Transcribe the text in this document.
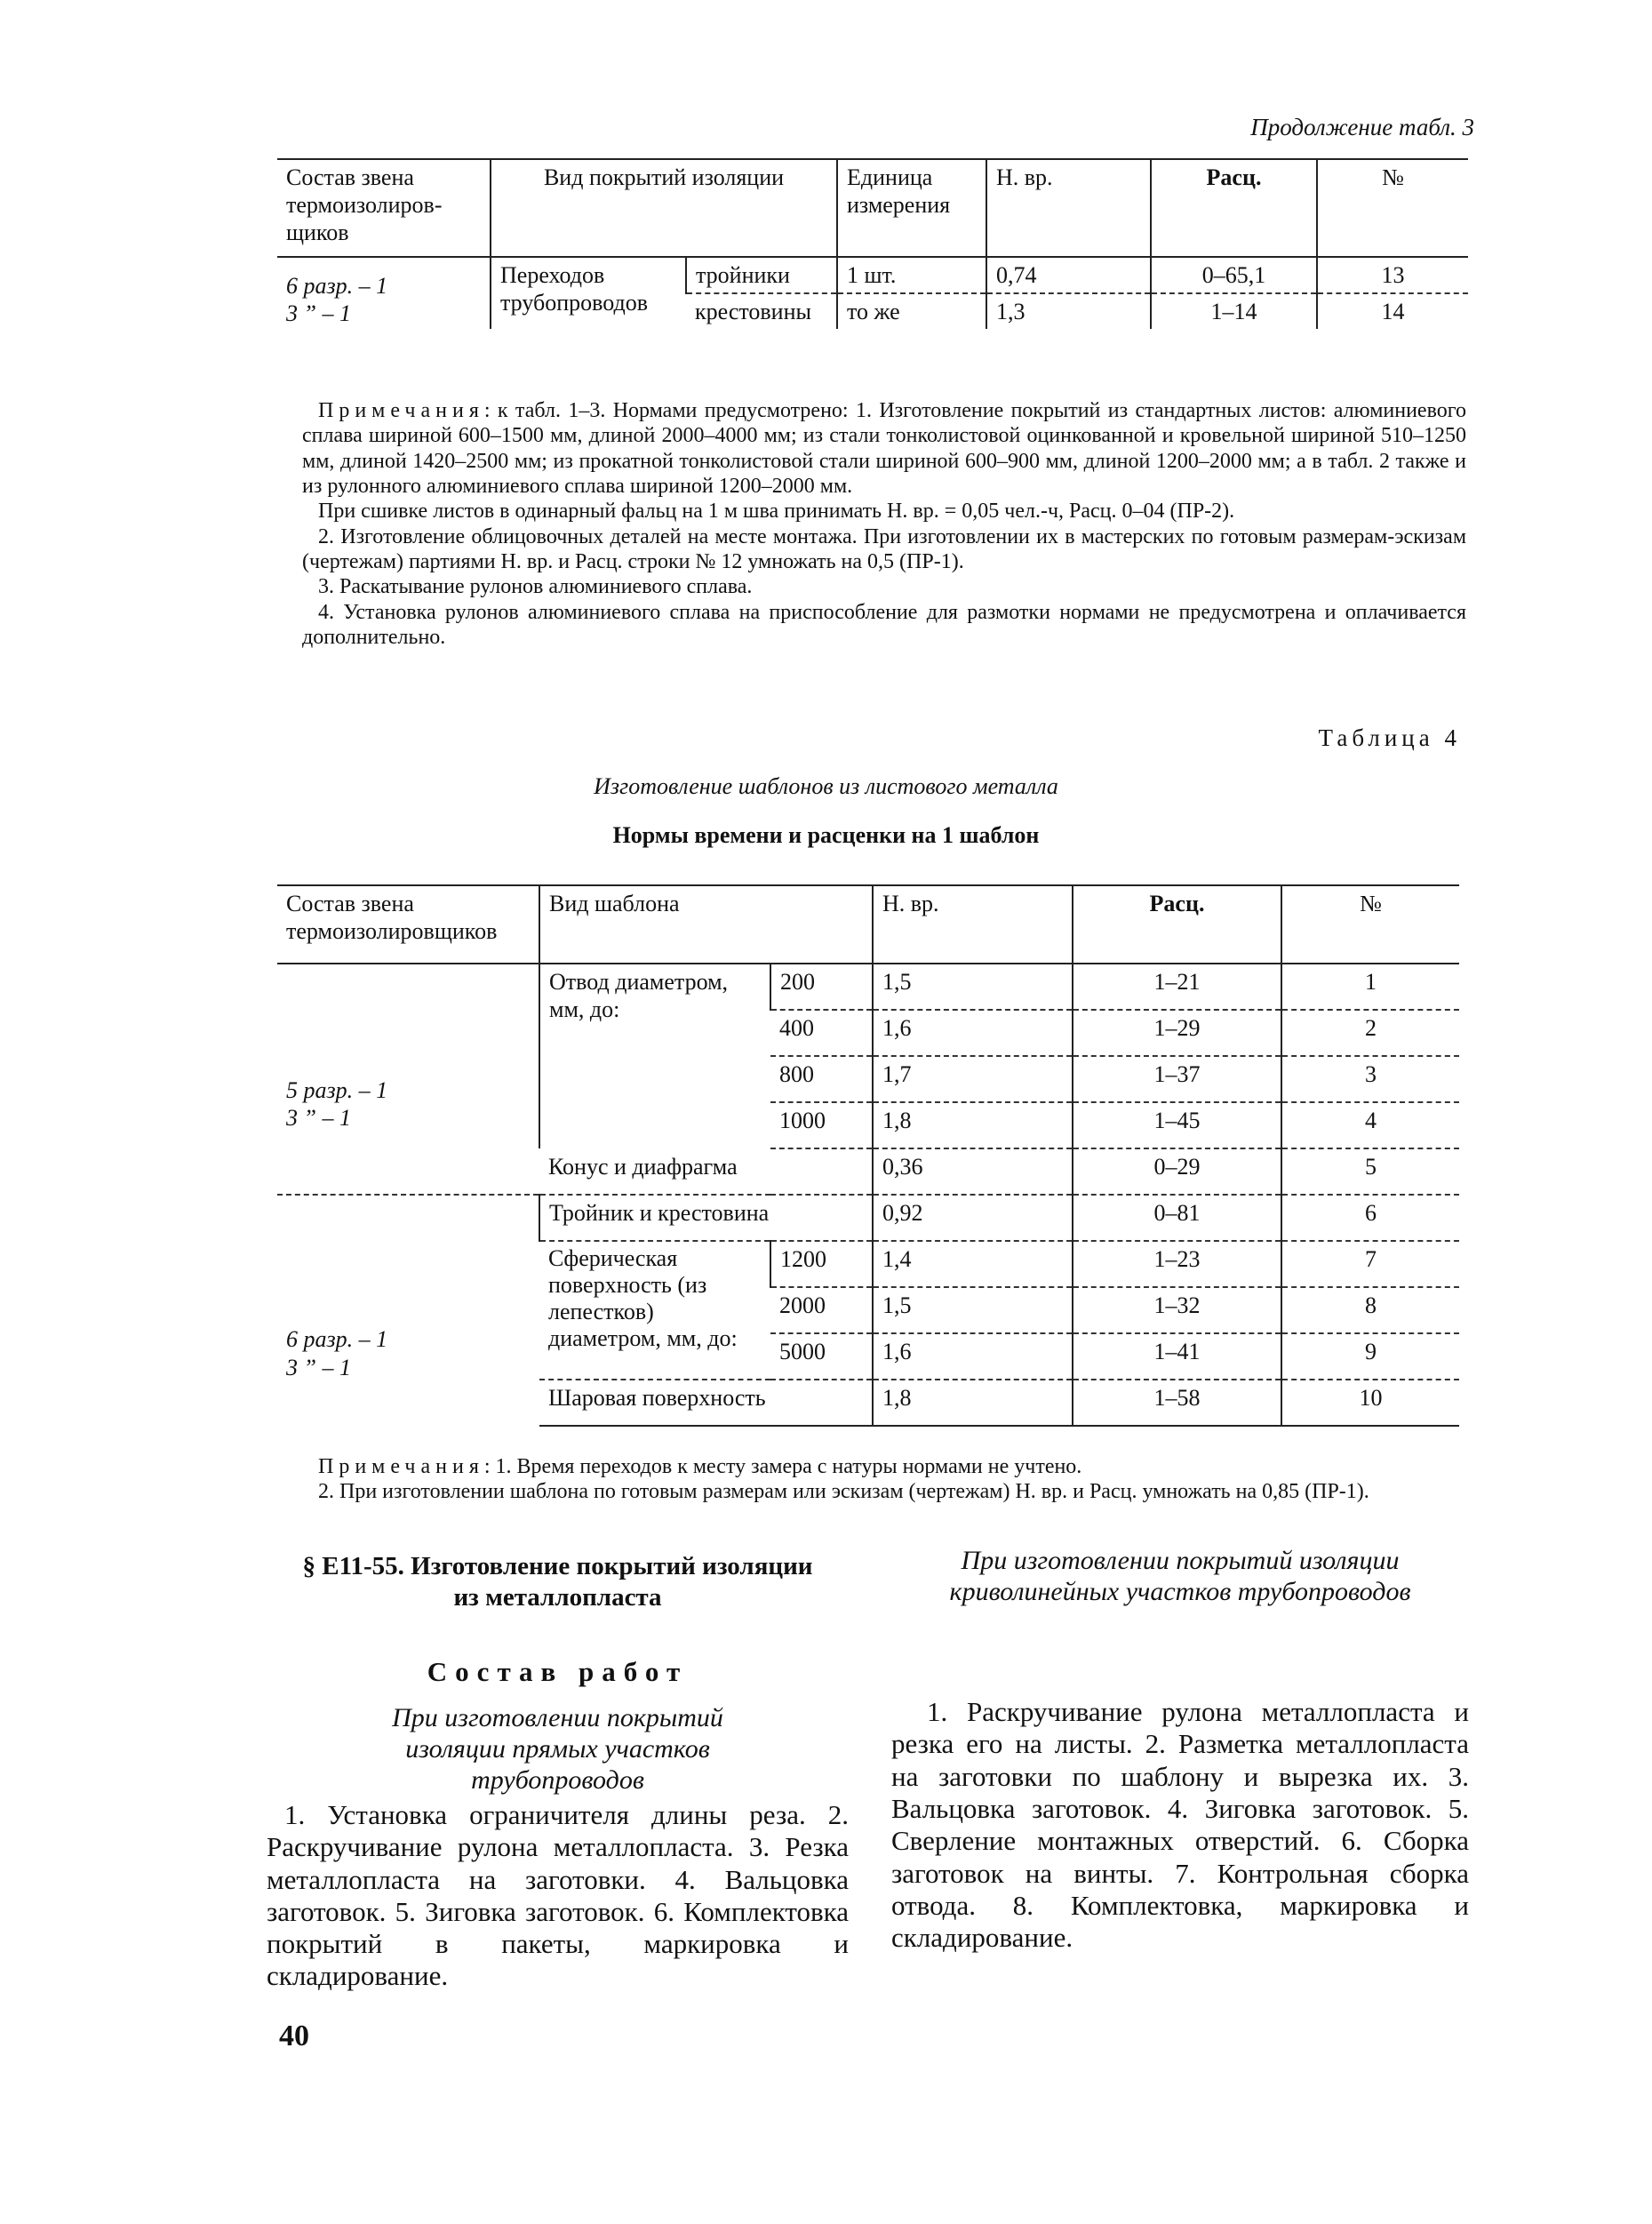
Продолжение табл. 3
Состав звена термоизолиров-щиков	Вид покрытий изоляции		Единица измерения	Н. вр.	Расц.	№

6 разр. – 1
3 ” – 1	Переходов трубопроводов	тройники	1 шт.	0,74	0–65,1	13
		крестовины	то же	1,3	1–14	14

Примечания: к табл. 1–3. Нормами предусмотрено: 1. Изготовление покрытий из стандартных листов: алюминиевого сплава шириной 600–1500 мм, длиной 2000–4000 мм; из стали тонколистовой оцинкованной и кровельной шириной 510–1250 мм, длиной 1420–2500 мм; из прокатной тонколистовой стали шириной 600–900 мм, длиной 1200–2000 мм; а в табл. 2 также и из рулонного алюминиевого сплава шириной 1200–2000 мм.

При сшивке листов в одинарный фальц на 1 м шва принимать Н. вр. = 0,05 чел.-ч, Расц. 0–04 (ПР-2).

2. Изготовление облицовочных деталей на месте монтажа. При изготовлении их в мастерских по готовым размерам-эскизам (чертежам) партиями Н. вр. и Расц. строки № 12 умножать на 0,5 (ПР-1).

3. Раскатывание рулонов алюминиевого сплава.

4. Установка рулонов алюминиевого сплава на приспособление для размотки нормами не предусмотрена и оплачивается дополнительно.

Таблица 4
Изготовление шаблонов из листового металла
Нормы времени и расценки на 1 шаблон
Состав звена термоизолировщиков	Вид шаблона		Н. вр.	Расц.	№

5 разр. – 1
3 ” – 1	Отвод диаметром, мм, до:	200	1,5	1–21	1
		400	1,6	1–29	2
		800	1,7	1–37	3
		1000	1,8	1–45	4
	Конус и диафрагма		0,36	0–29	5

6 разр. – 1
3 ” – 1	Тройник и крестовина		0,92	0–81	6
	Сферическая поверхность (из лепестков) диаметром, мм, до:	1200	1,4	1–23	7
		2000	1,5	1–32	8
		5000	1,6	1–41	9
	Шаровая поверхность		1,8	1–58	10

Примечания: 1. Время переходов к месту замера с натуры нормами не учтено.

2. При изготовлении шаблона по готовым размерам или эскизам (чертежам) Н. вр. и Расц. умножать на 0,85 (ПР-1).

§ Е11-55. Изготовление покрытий изоляции из металлопласта
Состав работ
При изготовлении покрытий изоляции прямых участков трубопроводов

1. Установка ограничителя длины реза. 2. Раскручивание рулона металлопласта. 3. Резка металлопласта на заготовки. 4. Вальцовка заготовок. 5. Зиговка заготовок. 6. Комплектовка покрытий в пакеты, маркировка и складирование.

При изготовлении покрытий изоляции криволинейных участков трубопроводов

1. Раскручивание рулона металлопласта и резка его на листы. 2. Разметка металлопласта на заготовки по шаблону и вырезка их. 3. Вальцовка заготовок. 4. Зиговка заготовок. 5. Сверление монтажных отверстий. 6. Сборка заготовок на винты. 7. Контрольная сборка отвода. 8. Комплектовка, маркировка и складирование.

40
